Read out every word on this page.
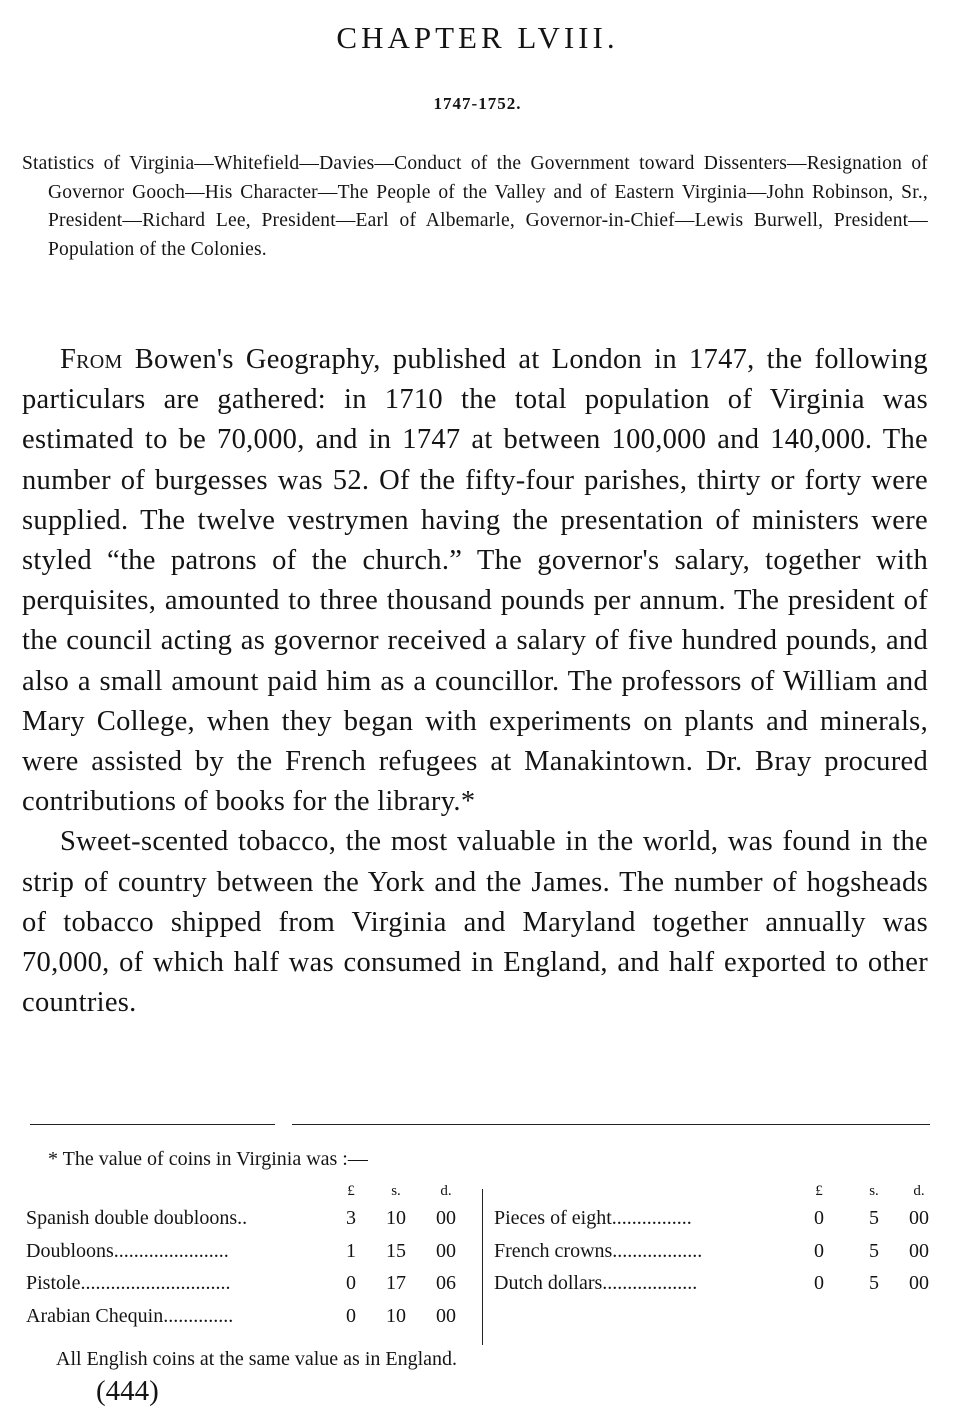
CHAPTER LVIII.
1747-1752.
Statistics of Virginia—Whitefield—Davies—Conduct of the Government toward Dissenters—Resignation of Governor Gooch—His Character—The People of the Valley and of Eastern Virginia—John Robinson, Sr., President—Richard Lee, President—Earl of Albemarle, Governor-in-Chief—Lewis Burwell, President—Population of the Colonies.

From Bowen's Geography, published at London in 1747, the following particulars are gathered: in 1710 the total population of Virginia was estimated to be 70,000, and in 1747 at between 100,000 and 140,000. The number of burgesses was 52. Of the fifty-four parishes, thirty or forty were supplied. The twelve vestrymen having the presentation of ministers were styled “the patrons of the church.” The governor's salary, together with perquisites, amounted to three thousand pounds per annum. The president of the council acting as governor received a salary of five hundred pounds, and also a small amount paid him as a councillor. The professors of William and Mary College, when they began with experiments on plants and minerals, were assisted by the French refugees at Manakintown. Dr. Bray procured contributions of books for the library.*

Sweet-scented tobacco, the most valuable in the world, was found in the strip of country between the York and the James. The number of hogsheads of tobacco shipped from Virginia and Maryland together annually was 70,000, of which half was consumed in England, and half exported to other countries.

* The value of coins in Virginia was :—
£	s.	d.
Spanish double doubloons..	3	10	00
Doubloons.......................	1	15	00
Pistole..............................	0	17	06
Arabian Chequin..............	0	10	00
£	s.	d.
Pieces of eight................	0	5	00
French crowns..................	0	5	00
Dutch dollars...................	0	5	00
All English coins at the same value as in England.
(444)
